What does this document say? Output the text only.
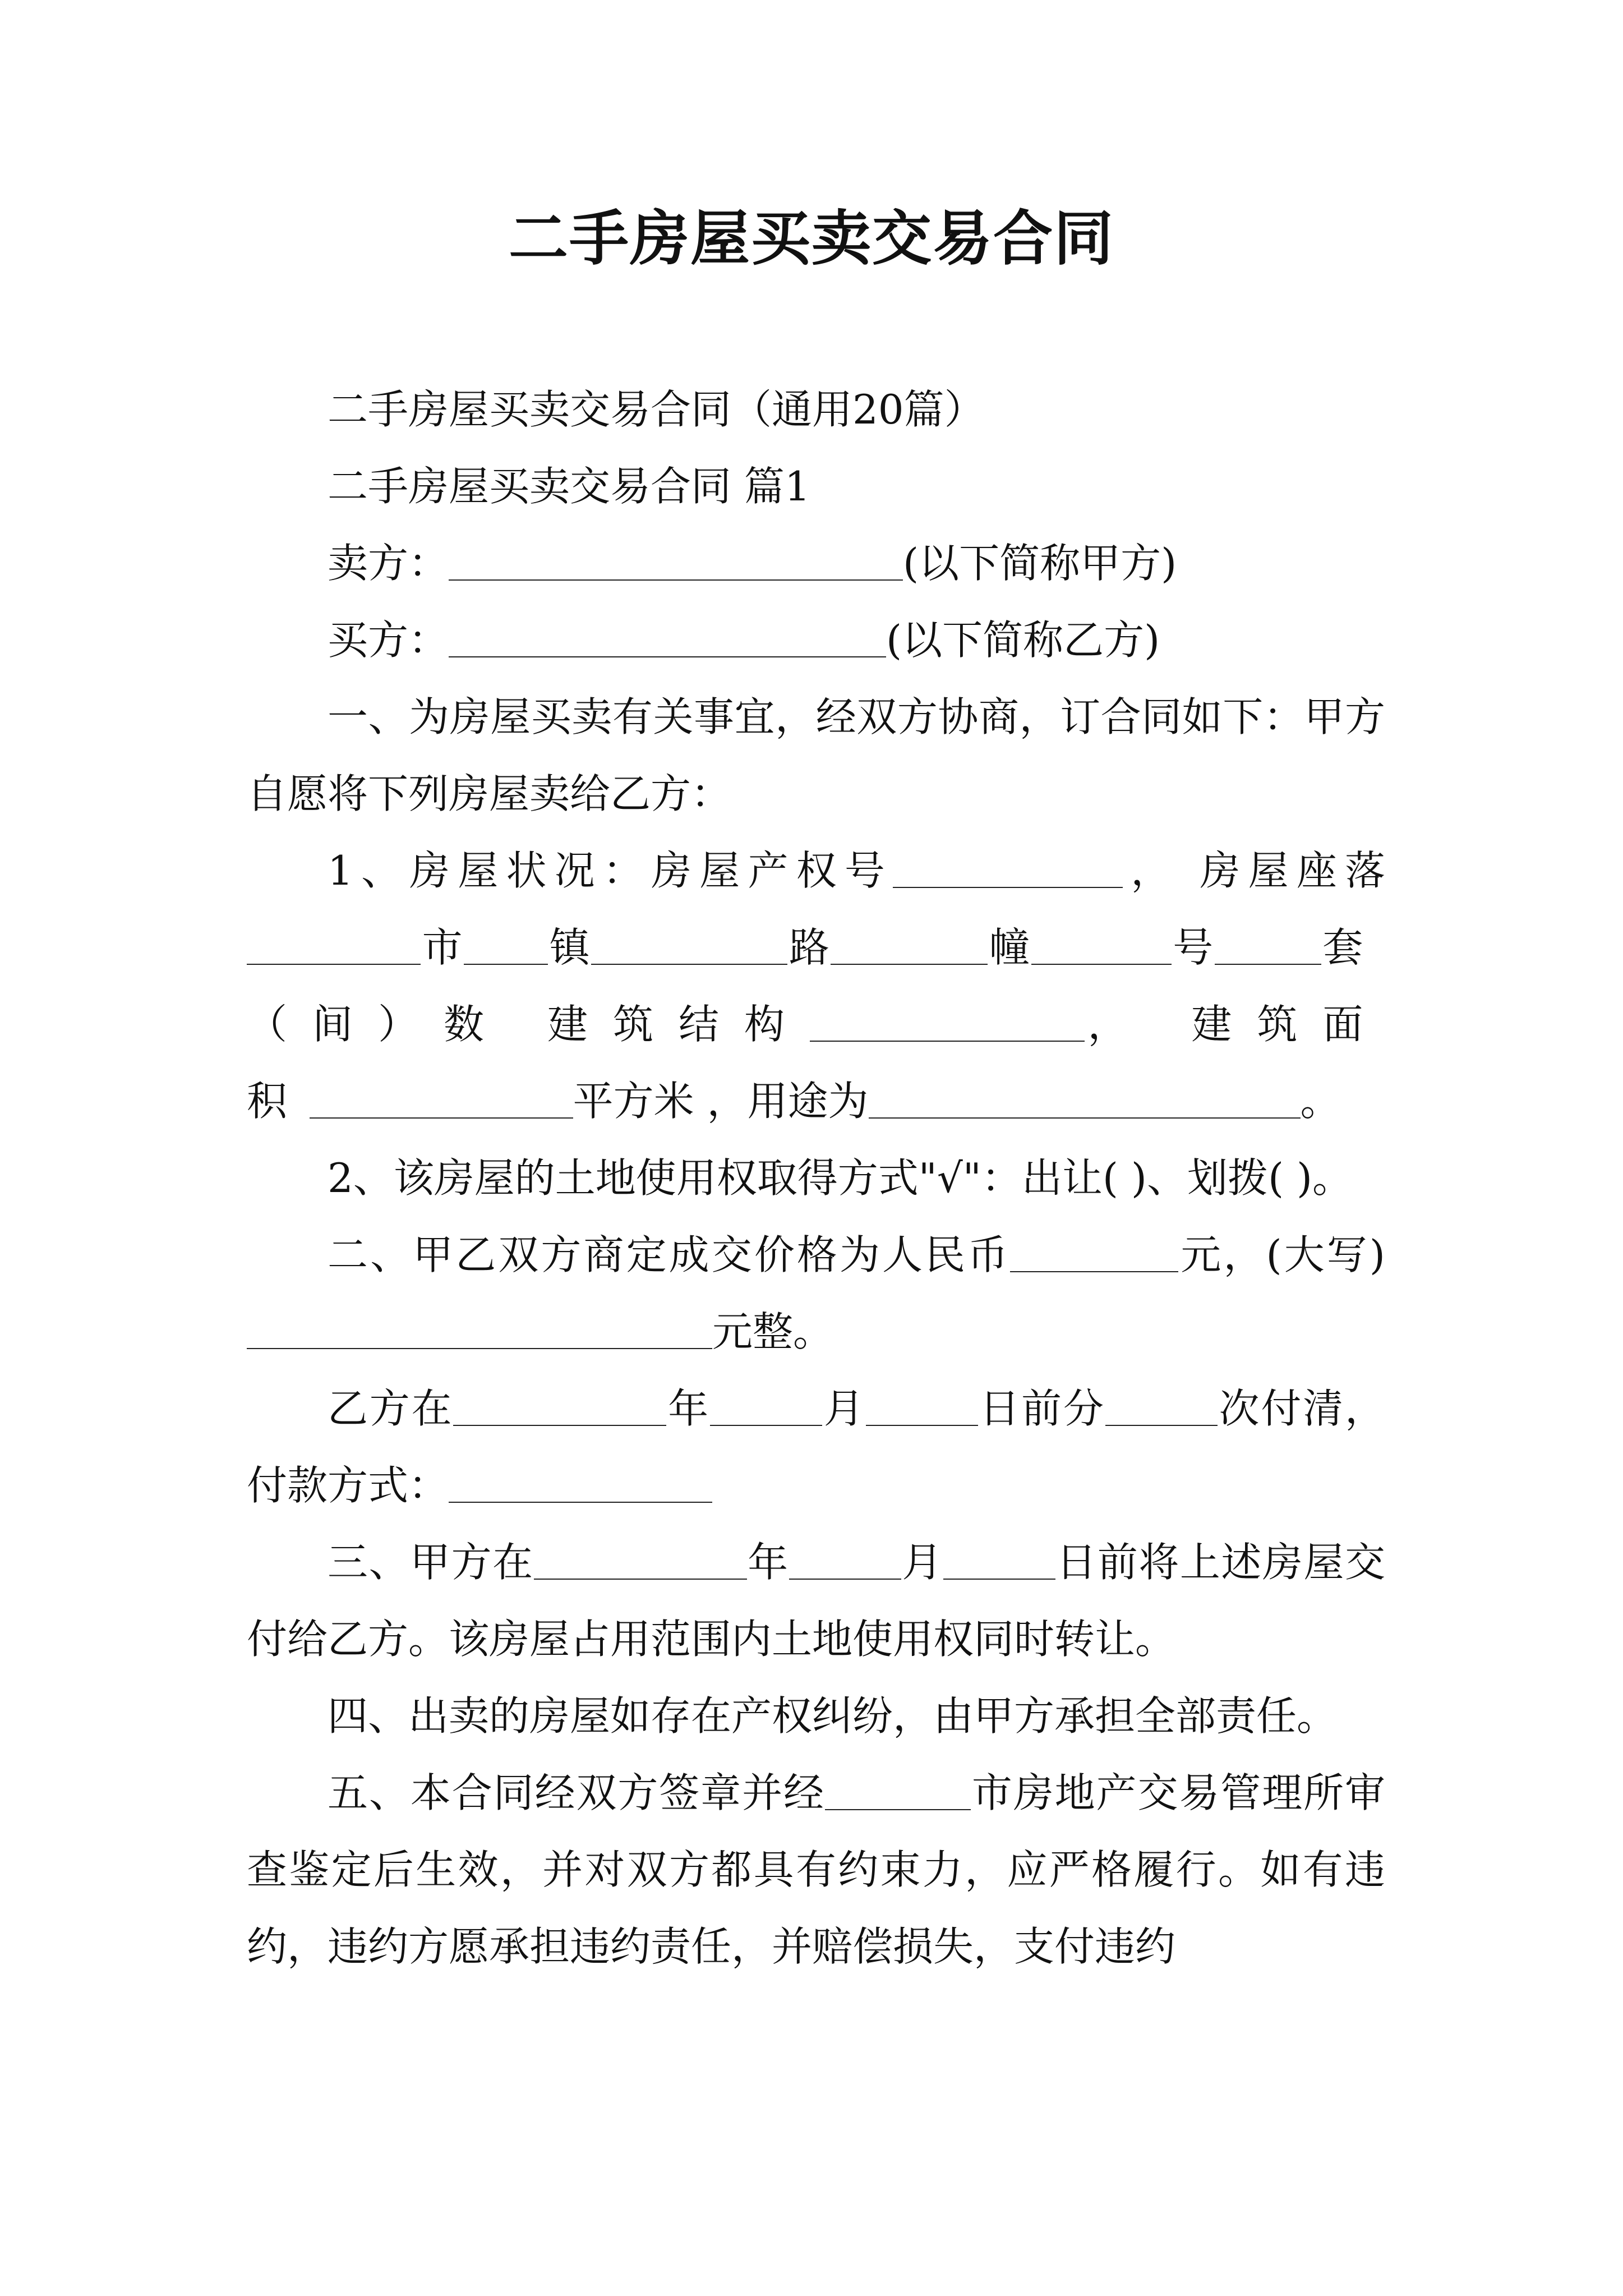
二手房屋买卖交易合同

二手房屋买卖交易合同（通用20篇）

二手房屋买卖交易合同 篇1

卖方：	(以下简称甲方)

买方：	(以下简称乙方)

一、为房屋买卖有关事宜，经双方协商，订合同如下：甲方自愿将下列房屋卖给乙方：

1、房屋状况：房屋产权号	， 房屋座落市 镇	路	幢	号	套（间）数 建筑结构	， 建筑面积	平方米 ，用途为	。

2、该房屋的土地使用权取得方式"√"：出让( )、划拨( )。

二、甲乙双方商定成交价格为人民币	元，(大写)元整。

乙方在	年	月	日前分	次付清，付款方式：

三、甲方在	年	月	日前将上述房屋交付给乙方。该房屋占用范围内土地使用权同时转让。

四、出卖的房屋如存在产权纠纷，由甲方承担全部责任。

五、本合同经双方签章并经	市房地产交易管理所审查鉴定后生效，并对双方都具有约束力，应严格履行。如有违约，违约方愿承担违约责任，并赔偿损失，支付违约
